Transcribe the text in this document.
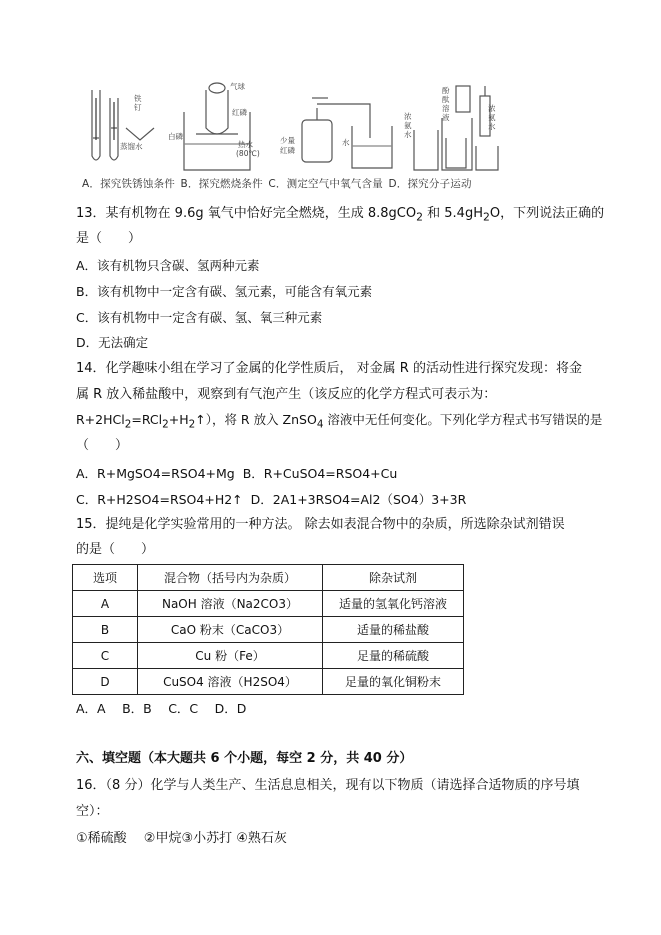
铁钉
蒸馏水
气球
红磷
白磷
热水
(80℃)
少量
红磷
水
酚酞溶液
浓氨水
浓氨水
A．探究铁锈蚀条件 B．探究燃烧条件 C．测定空气中氧气含量 D．探究分子运动
13．某有机物在 9.6g 氧气中恰好完全燃烧，生成 8.8gCO$_2$ 和 $5.4gH_2O$，下列说法正确的
是（　　）
A．该有机物只含碳、氢两种元素
B．该有机物中一定含有碳、氢元素，可能含有氧元素
C．该有机物中一定含有碳、氢、氧三种元素
D．无法确定
14．化学趣味小组在学习了金属的化学性质后， 对金属 R 的活动性进行探究发现：将金
属 R 放入稀盐酸中，观察到有气泡产生（该反应的化学方程式可表示为：
$R+2HCl_2=RCl_2+H_2↑$），将 R 放入 ZnSO$_4$ 溶液中无任何变化。下列化学方程式书写错误的是
（　　）
A．R+MgSO4=RSO4+Mg B．R+CuSO4=RSO4+Cu
C．R+H2SO4=RSO4+H2↑ D．2A1+3RSO4=Al2（SO4）3+3R
15．提纯是化学实验常用的一种方法。 除去如表混合物中的杂质，所选除杂试剂错误
的是（　　）
选项	混合物（括号内为杂质）	除杂试剂
A	NaOH 溶液（Na2CO3）	适量的氢氧化钙溶液
B	CaO 粉末（CaCO3）	适量的稀盐酸
C	Cu 粉（Fe）	足量的稀硫酸
D	CuSO4 溶液（H2SO4）	足量的氧化铜粉末
A．A　 B．B　 C．C　 D．D
六、填空题（本大题共 6 个小题，每空 2 分，共 40 分）
16．（8 分）化学与人类生产、生活息息相关，现有以下物质（请选择合适物质的序号填
空）：
①稀硫酸　 ②甲烷③小苏打 ④熟石灰
